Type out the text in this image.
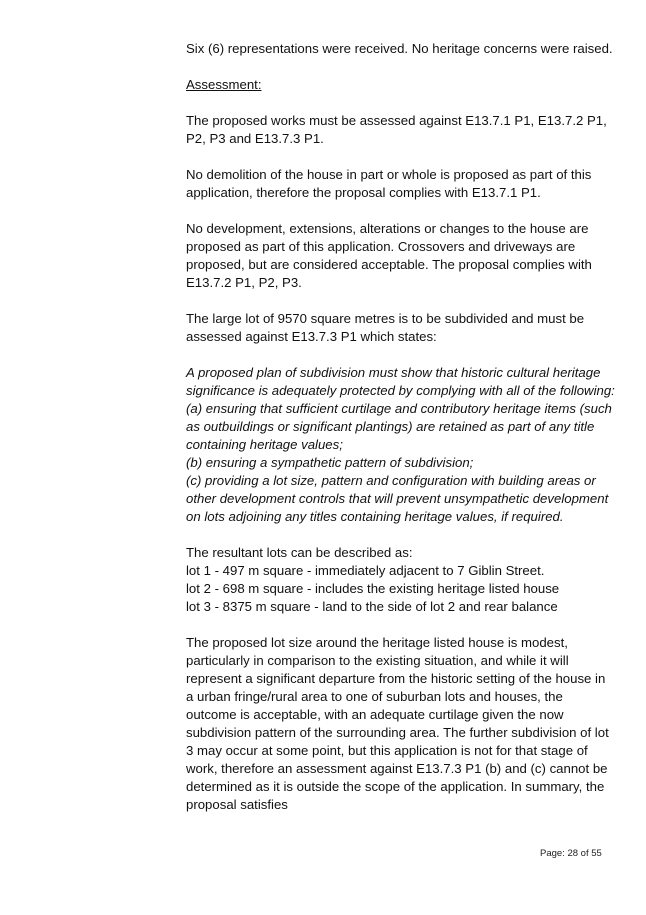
Six (6) representations were received. No heritage concerns were raised.

Assessment:

The proposed works must be assessed against E13.7.1 P1, E13.7.2 P1, P2, P3 and E13.7.3 P1.

No demolition of the house in part or whole is proposed as part of this application, therefore the proposal complies with E13.7.1 P1.

No development, extensions, alterations or changes to the house are proposed as part of this application. Crossovers and driveways are proposed, but are considered acceptable. The proposal complies with E13.7.2 P1, P2, P3.

The large lot of 9570 square metres is to be subdivided and must be assessed against E13.7.3 P1 which states:

A proposed plan of subdivision must show that historic cultural heritage significance is adequately protected by complying with all of the following:

(a) ensuring that sufficient curtilage and contributory heritage items (such as outbuildings or significant plantings) are retained as part of any title containing heritage values;

(b) ensuring a sympathetic pattern of subdivision;

(c) providing a lot size, pattern and configuration with building areas or other development controls that will prevent unsympathetic development on lots adjoining any titles containing heritage values, if required.

The resultant lots can be described as:

lot 1 - 497 m square - immediately adjacent to 7 Giblin Street.

lot 2 - 698 m square - includes the existing heritage listed house

lot 3 - 8375 m square - land to the side of lot 2 and rear balance

The proposed lot size around the heritage listed house is modest, particularly in comparison to the existing situation, and while it will represent a significant departure from the historic setting of the house in a urban fringe/rural area to one of suburban lots and houses, the outcome is acceptable, with an adequate curtilage given the now subdivision pattern of the surrounding area. The further subdivision of lot 3 may occur at some point, but this application is not for that stage of work, therefore an assessment against E13.7.3 P1 (b) and (c) cannot be determined as it is outside the scope of the application. In summary, the proposal satisfies

Page: 28 of 55
